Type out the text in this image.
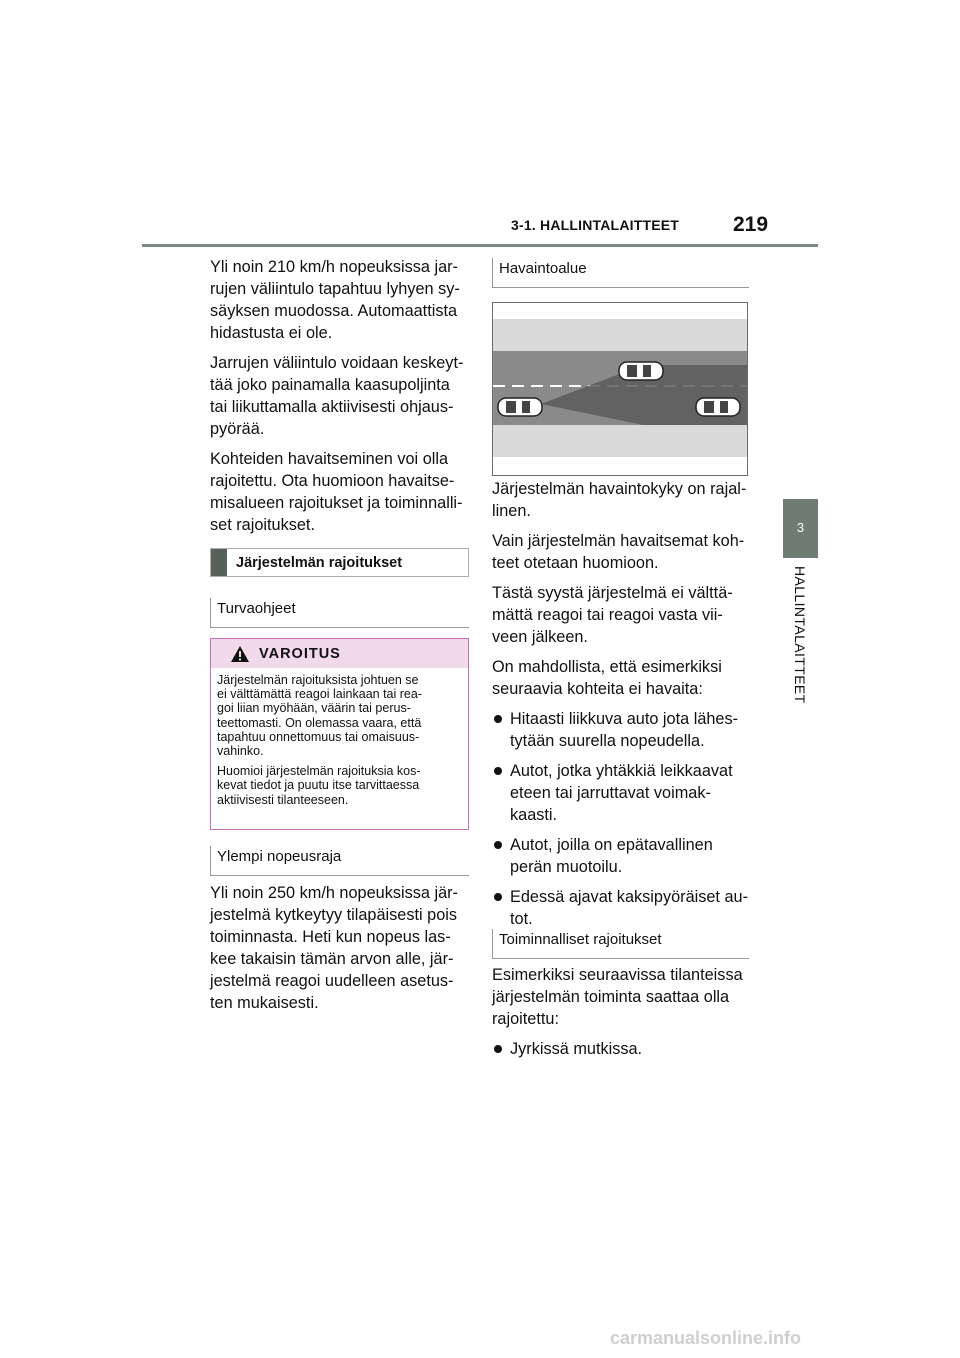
3-1. HALLINTALAITTEET	219
3
HALLINTALAITTEET

Yli noin 210 km/h nopeuksissa jar-
rujen väliintulo tapahtuu lyhyen sy-
säyksen muodossa. Automaattista
hidastusta ei ole.

Jarrujen väliintulo voidaan keskeyt-
tää joko painamalla kaasupoljinta
tai liikuttamalla aktiivisesti ohjaus-
pyörää.

Kohteiden havaitseminen voi olla
rajoitettu. Ota huomioon havaitse-
misalueen rajoitukset ja toiminnalli-
set rajoitukset.

Järjestelmän rajoitukset
Turvaohjeet
VAROITUS

Järjestelmän rajoituksista johtuen se
ei välttämättä reagoi lainkaan tai rea-
goi liian myöhään, väärin tai perus-
teettomasti. On olemassa vaara, että
tapahtuu onnettomuus tai omaisuus-
vahinko.

Huomioi järjestelmän rajoituksia kos-
kevat tiedot ja puutu itse tarvittaessa
aktiivisesti tilanteeseen.

Ylempi nopeusraja

Yli noin 250 km/h nopeuksissa jär-
jestelmä kytkeytyy tilapäisesti pois
toiminnasta. Heti kun nopeus las-
kee takaisin tämän arvon alle, jär-
jestelmä reagoi uudelleen asetus-
ten mukaisesti.

Havaintoalue

Järjestelmän havaintokyky on rajal-
linen.

Vain järjestelmän havaitsemat koh-
teet otetaan huomioon.

Tästä syystä järjestelmä ei välttä-
mättä reagoi tai reagoi vasta vii-
veen jälkeen.

On mahdollista, että esimerkiksi
seuraavia kohteita ei havaita:

Hitaasti liikkuva auto jota lähes-
tytään suurella nopeudella.
Autot, jotka yhtäkkiä leikkaavat
eteen tai jarruttavat voimak-
kaasti.
Autot, joilla on epätavallinen
perän muotoilu.
Edessä ajavat kaksipyöräiset au-
tot.
Toiminnalliset rajoitukset

Esimerkiksi seuraavissa tilanteissa
järjestelmän toiminta saattaa olla
rajoitettu:

Jyrkissä mutkissa.
carmanualsonline.info
